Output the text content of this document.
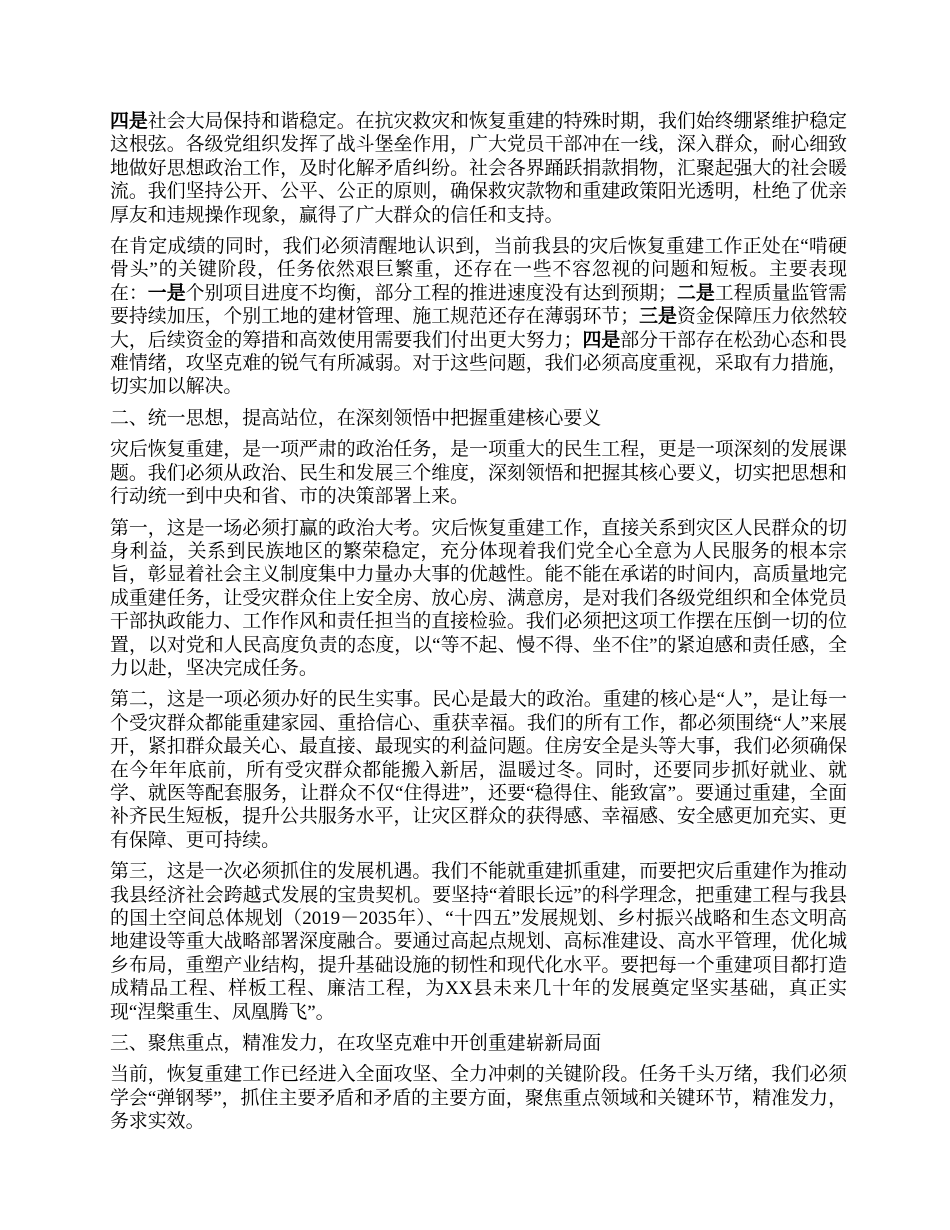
四是社会大局保持和谐稳定。在抗灾救灾和恢复重建的特殊时期，我们始终绷紧维护稳定这根弦。各级党组织发挥了战斗堡垒作用，广大党员干部冲在一线，深入群众，耐心细致地做好思想政治工作，及时化解矛盾纠纷。社会各界踊跃捐款捐物，汇聚起强大的社会暖流。我们坚持公开、公平、公正的原则，确保救灾款物和重建政策阳光透明，杜绝了优亲厚友和违规操作现象，赢得了广大群众的信任和支持。

在肯定成绩的同时，我们必须清醒地认识到，当前我县的灾后恢复重建工作正处在“啃硬骨头”的关键阶段，任务依然艰巨繁重，还存在一些不容忽视的问题和短板。主要表现在：一是个别项目进度不均衡，部分工程的推进速度没有达到预期；二是工程质量监管需要持续加压，个别工地的建材管理、施工规范还存在薄弱环节；三是资金保障压力依然较大，后续资金的筹措和高效使用需要我们付出更大努力；四是部分干部存在松劲心态和畏难情绪，攻坚克难的锐气有所减弱。对于这些问题，我们必须高度重视，采取有力措施，切实加以解决。

二、统一思想，提高站位，在深刻领悟中把握重建核心要义

灾后恢复重建，是一项严肃的政治任务，是一项重大的民生工程，更是一项深刻的发展课题。我们必须从政治、民生和发展三个维度，深刻领悟和把握其核心要义，切实把思想和行动统一到中央和省、市的决策部署上来。

第一，这是一场必须打赢的政治大考。灾后恢复重建工作，直接关系到灾区人民群众的切身利益，关系到民族地区的繁荣稳定，充分体现着我们党全心全意为人民服务的根本宗旨，彰显着社会主义制度集中力量办大事的优越性。能不能在承诺的时间内，高质量地完成重建任务，让受灾群众住上安全房、放心房、满意房，是对我们各级党组织和全体党员干部执政能力、工作作风和责任担当的直接检验。我们必须把这项工作摆在压倒一切的位置，以对党和人民高度负责的态度，以“等不起、慢不得、坐不住”的紧迫感和责任感，全力以赴，坚决完成任务。

第二，这是一项必须办好的民生实事。民心是最大的政治。重建的核心是“人”，是让每一个受灾群众都能重建家园、重拾信心、重获幸福。我们的所有工作，都必须围绕“人”来展开，紧扣群众最关心、最直接、最现实的利益问题。住房安全是头等大事，我们必须确保在今年年底前，所有受灾群众都能搬入新居，温暖过冬。同时，还要同步抓好就业、就学、就医等配套服务，让群众不仅“住得进”，还要“稳得住、能致富”。要通过重建，全面补齐民生短板，提升公共服务水平，让灾区群众的获得感、幸福感、安全感更加充实、更有保障、更可持续。

第三，这是一次必须抓住的发展机遇。我们不能就重建抓重建，而要把灾后重建作为推动我县经济社会跨越式发展的宝贵契机。要坚持“着眼长远”的科学理念，把重建工程与我县的国土空间总体规划（2019－2035年）、“十四五”发展规划、乡村振兴战略和生态文明高地建设等重大战略部署深度融合。要通过高起点规划、高标准建设、高水平管理，优化城乡布局，重塑产业结构，提升基础设施的韧性和现代化水平。要把每一个重建项目都打造成精品工程、样板工程、廉洁工程，为XX县未来几十年的发展奠定坚实基础，真正实现“涅槃重生、凤凰腾飞”。

三、聚焦重点，精准发力，在攻坚克难中开创重建崭新局面

当前，恢复重建工作已经进入全面攻坚、全力冲刺的关键阶段。任务千头万绪，我们必须学会“弹钢琴”，抓住主要矛盾和矛盾的主要方面，聚焦重点领域和关键环节，精准发力，务求实效。
